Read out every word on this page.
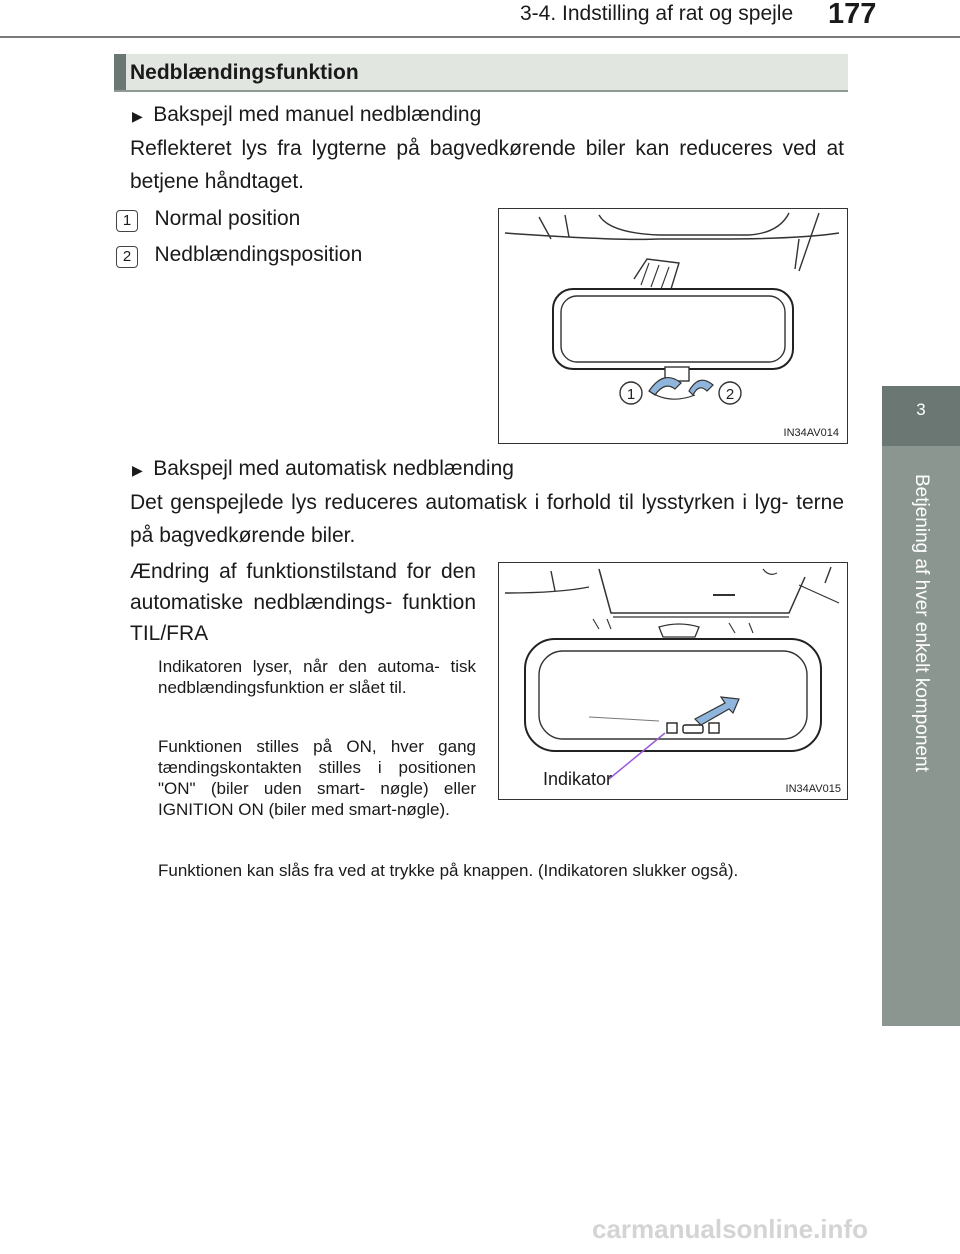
3-4. Indstilling af rat og spejle 177
3
Betjening af hver enkelt komponent
Nedblændingsfunktion
▶ Bakspejl med manuel nedblænding
Reflekteret lys fra lygterne på bagvedkørende biler kan reduceres ved at betjene håndtaget.
1 Normal position
2 Nedblændingsposition
1	2
IN34AV014
▶ Bakspejl med automatisk nedblænding
Det genspejlede lys reduceres automatisk i forhold til lysstyrken i lyg- terne på bagvedkørende biler.
Ændring af funktionstilstand for den automatiske nedblændings- funktion TIL/FRA
Indikatoren lyser, når den automa- tisk nedblændingsfunktion er slået til.
Funktionen stilles på ON, hver gang tændingskontakten stilles i positionen "ON" (biler uden smart- nøgle) eller IGNITION ON (biler med smart-nøgle).
Funktionen kan slås fra ved at trykke på knappen. (Indikatoren slukker også).
Indikator	IN34AV015
carmanualsonline.info
